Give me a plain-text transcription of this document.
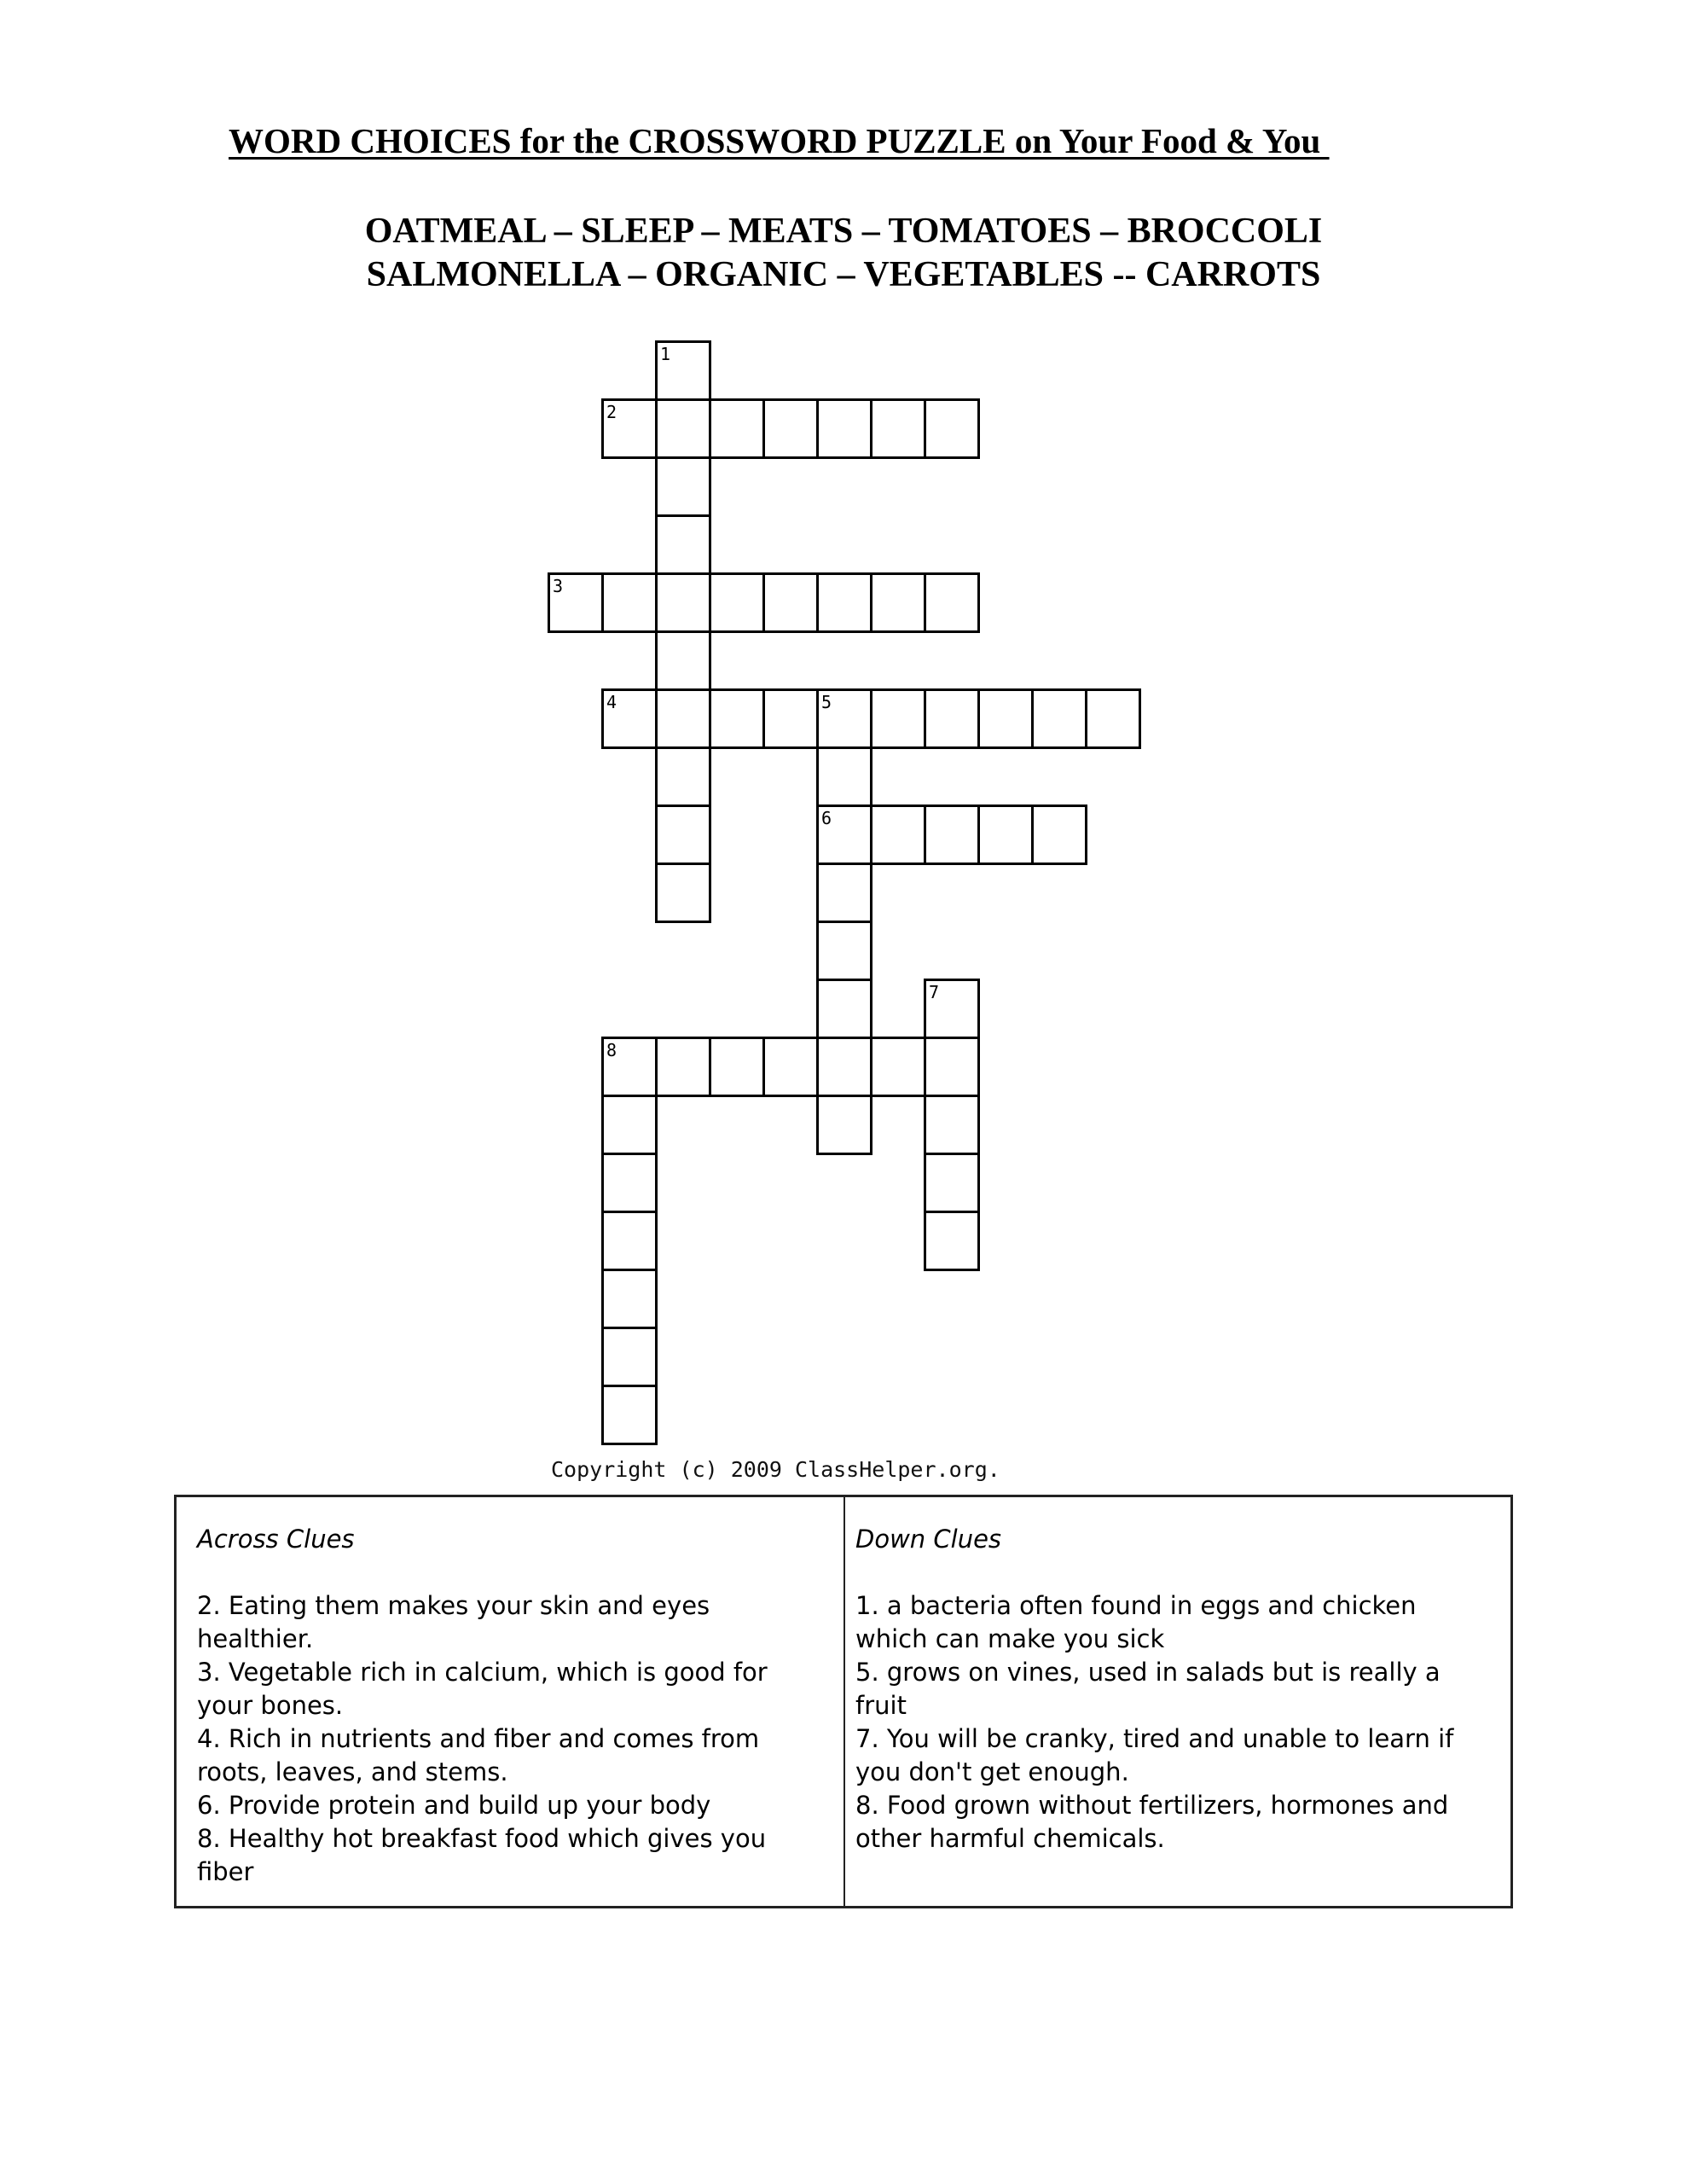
WORD CHOICES for the CROSSWORD PUZZLE on Your Food & You
OATMEAL – SLEEP – MEATS – TOMATOES – BROCCOLI
SALMONELLA – ORGANIC – VEGETABLES -- CARROTS
1
2
3
4	5
6
7
8
Copyright (c) 2009 ClassHelper.org.
Across Clues
2. Eating them makes your skin and eyes healthier.
3. Vegetable rich in calcium, which is good for your bones.
4. Rich in nutrients and fiber and comes from roots, leaves, and stems.
6. Provide protein and build up your body
8. Healthy hot breakfast food which gives you fiber
Down Clues
1. a bacteria often found in eggs and chicken which can make you sick
5. grows on vines, used in salads but is really a fruit
7. You will be cranky, tired and unable to learn if you don't get enough.
8. Food grown without fertilizers, hormones and other harmful chemicals.
